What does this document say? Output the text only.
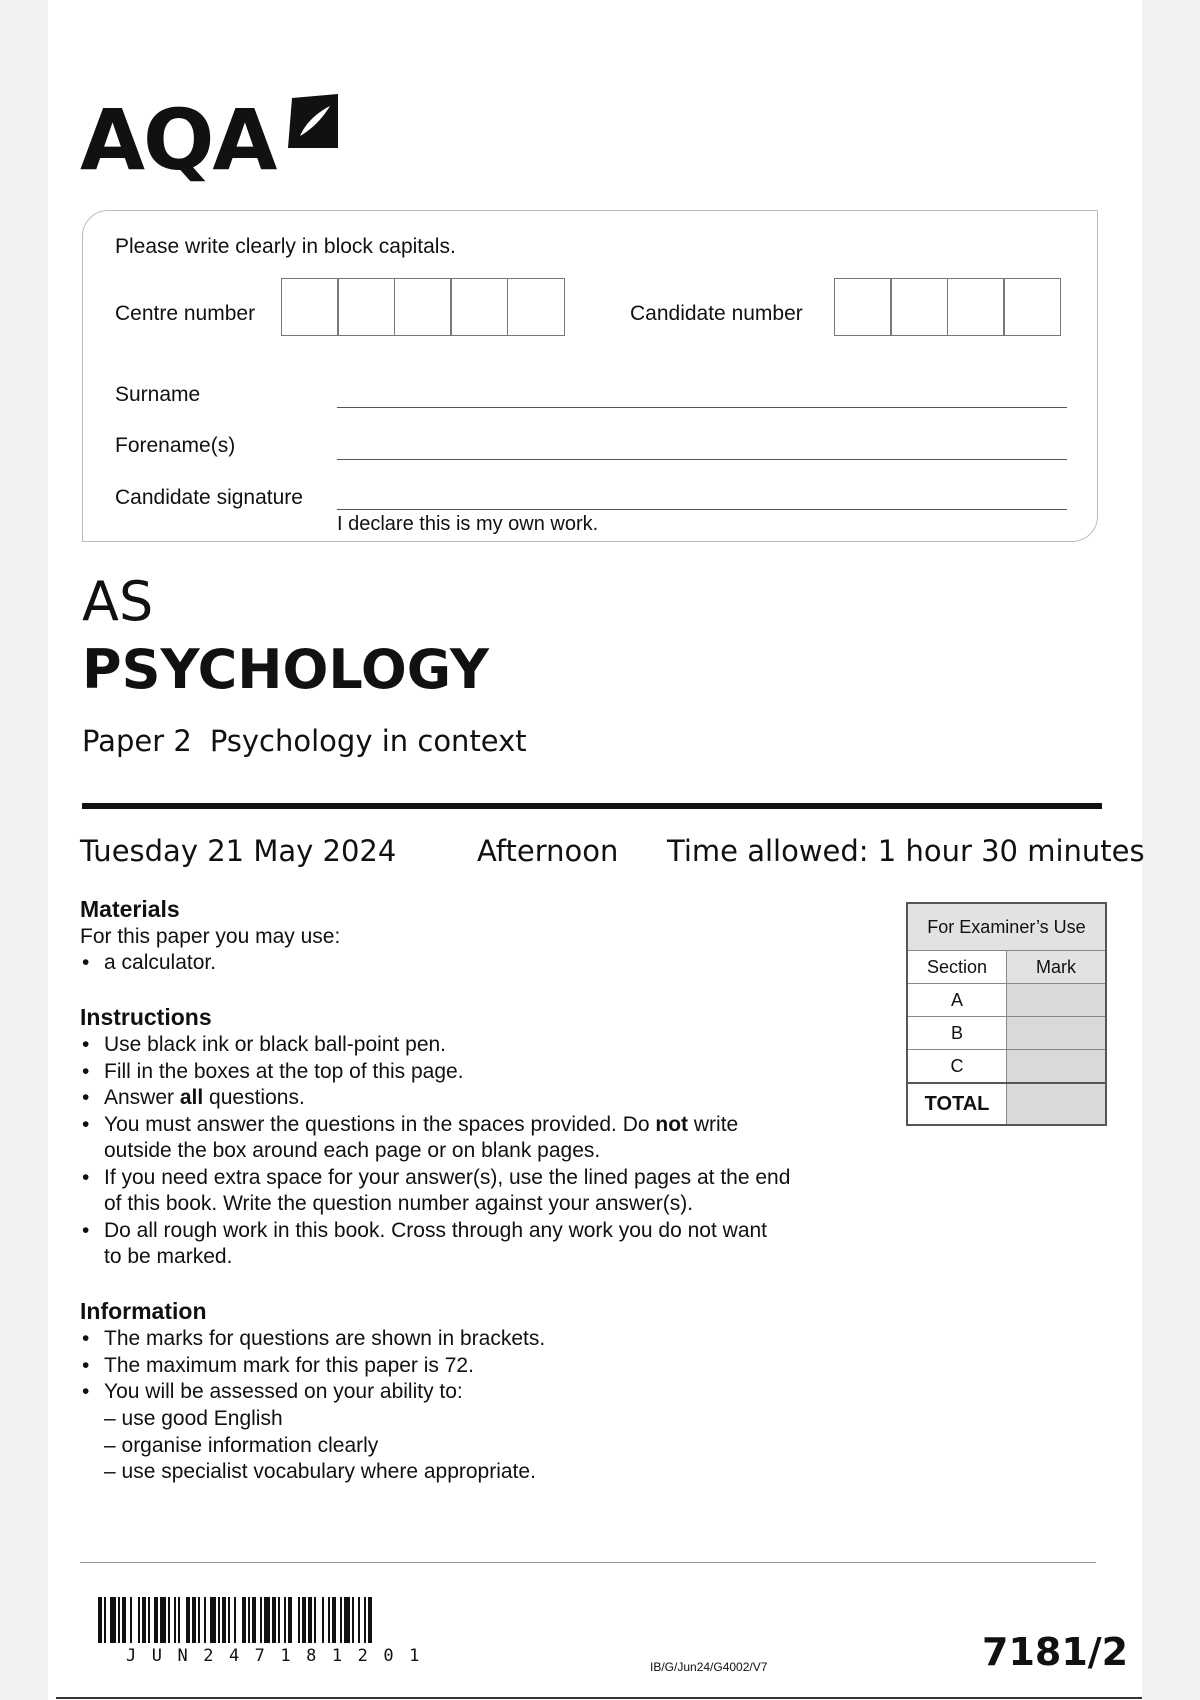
AQA
Please write clearly in block capitals.
Centre number	Candidate number
Surname
Forename(s)
Candidate signature
I declare this is my own work.
AS
PSYCHOLOGY
Paper 2 Psychology in context
Tuesday 21 May 2024	Afternoon Time allowed: 1 hour 30 minutes
Materials
For this paper you may use:
• a calculator.
Instructions
• Use black ink or black ball-point pen.
• Fill in the boxes at the top of this page.
• Answer all questions.
• You must answer the questions in the spaces provided. Do not write
outside the box around each page or on blank pages.
• If you need extra space for your answer(s), use the lined pages at the end
of this book. Write the question number against your answer(s).
• Do all rough work in this book. Cross through any work you do not want
to be marked.
Information
• The marks for questions are shown in brackets.
• The maximum mark for this paper is 72.
• You will be assessed on your ability to:
– use good English
– organise information clearly
– use specialist vocabulary where appropriate.
For Examiner’s Use	
Section	Mark
A	
B	
C	
TOTAL	
JUN247181201
IB/G/Jun24/G4002/V7	7181/2
